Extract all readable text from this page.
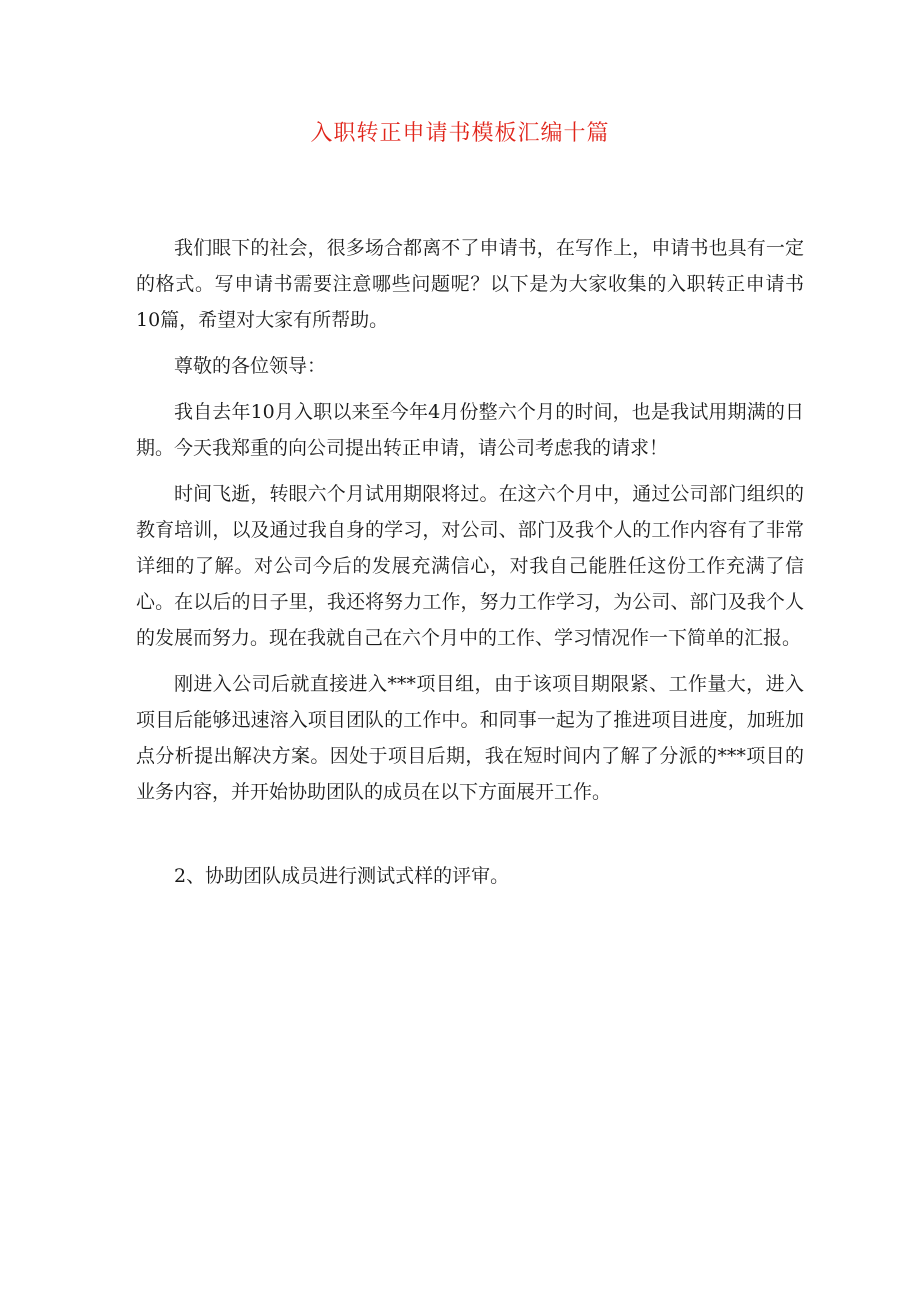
入职转正申请书模板汇编十篇

我们眼下的社会，很多场合都离不了申请书，在写作上，申请书也具有一定的格式。写申请书需要注意哪些问题呢？以下是为大家收集的入职转正申请书10篇，希望对大家有所帮助。

尊敬的各位领导：

我自去年10月入职以来至今年4月份整六个月的时间，也是我试用期满的日期。今天我郑重的向公司提出转正申请，请公司考虑我的请求！

时间飞逝，转眼六个月试用期限将过。在这六个月中，通过公司部门组织的教育培训，以及通过我自身的学习，对公司、部门及我个人的工作内容有了非常详细的了解。对公司今后的发展充满信心，对我自己能胜任这份工作充满了信心。在以后的日子里，我还将努力工作，努力工作学习，为公司、部门及我个人的发展而努力。现在我就自己在六个月中的工作、学习情况作一下简单的汇报。

刚进入公司后就直接进入***项目组，由于该项目期限紧、工作量大，进入项目后能够迅速溶入项目团队的工作中。和同事一起为了推进项目进度，加班加点分析提出解决方案。因处于项目后期，我在短时间内了解了分派的***项目的业务内容，并开始协助团队的成员在以下方面展开工作。

2、协助团队成员进行测试式样的评审。
